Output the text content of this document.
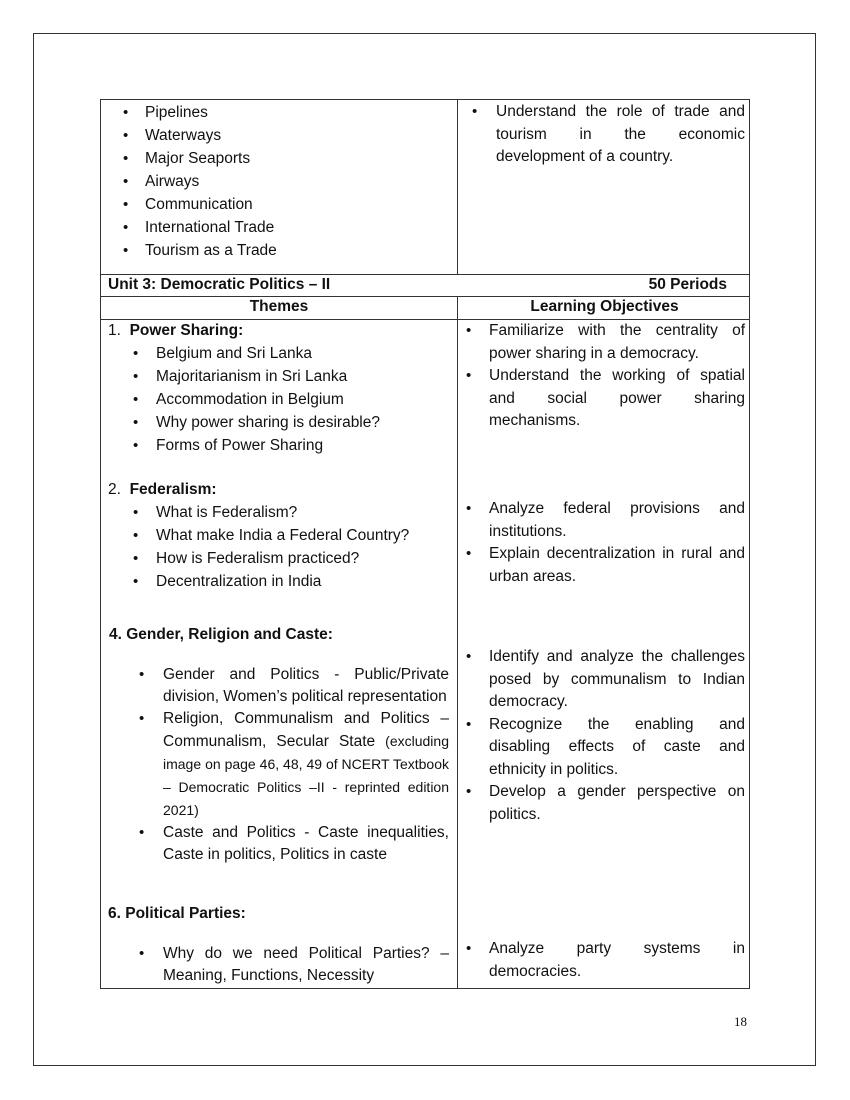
• Pipelines
• Waterways
• Major Seaports
• Airways
• Communication
• International Trade
• Tourism as a Trade
• Understand the role of trade and tourism in the economic development of a country.
Unit 3: Democratic Politics – II	50 Periods
Themes	Learning Objectives
1. Power Sharing:
• Belgium and Sri Lanka
• Majoritarianism in Sri Lanka
• Accommodation in Belgium
• Why power sharing is desirable?
• Forms of Power Sharing
• Familiarize with the centrality of power sharing in a democracy.
• Understand the working of spatial and social power sharing mechanisms.
2. Federalism:
• What is Federalism?
• What make India a Federal Country?
• How is Federalism practiced?
• Decentralization in India
• Analyze federal provisions and institutions.
• Explain decentralization in rural and urban areas.
4. Gender, Religion and Caste:
• Gender and Politics - Public/Private division, Women’s political representation
• Religion, Communalism and Politics – Communalism, Secular State (excluding image on page 46, 48, 49 of NCERT Textbook – Democratic Politics –II - reprinted edition 2021)
• Caste and Politics - Caste inequalities, Caste in politics, Politics in caste
• Identify and analyze the challenges posed by communalism to Indian democracy.
• Recognize the enabling and disabling effects of caste and ethnicity in politics.
• Develop a gender perspective on politics.
6. Political Parties:
• Why do we need Political Parties? – Meaning, Functions, Necessity
• Analyze party systems in democracies.
18
